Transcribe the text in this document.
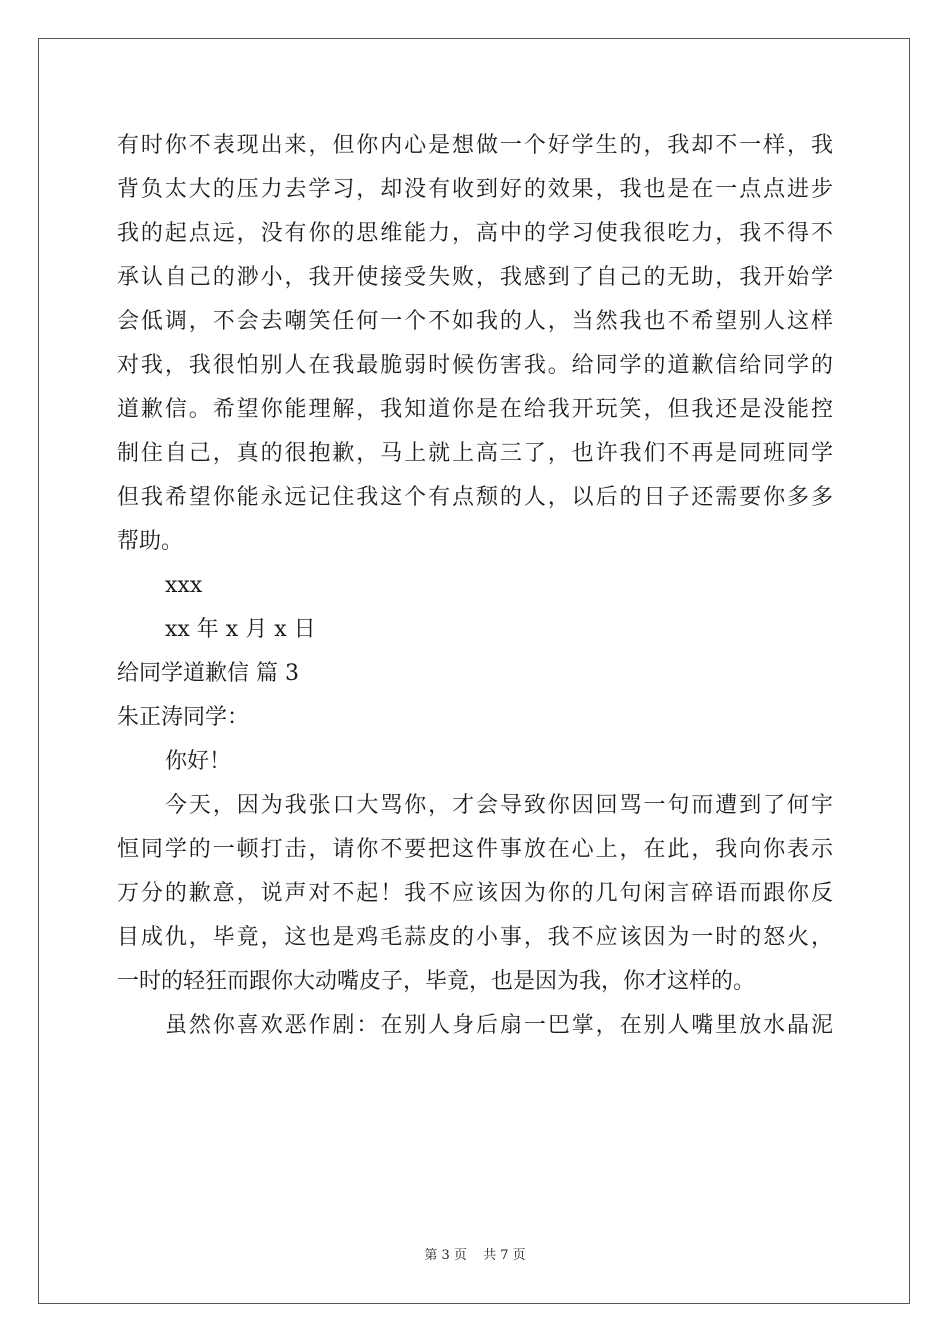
有时你不表现出来，但你内心是想做一个好学生的，我却不一样，我
背负太大的压力去学习，却没有收到好的效果，我也是在一点点进步
我的起点远，没有你的思维能力，高中的学习使我很吃力，我不得不
承认自己的渺小，我开使接受失败，我感到了自己的无助，我开始学
会低调，不会去嘲笑任何一个不如我的人，当然我也不希望别人这样
对我，我很怕别人在我最脆弱时候伤害我。给同学的道歉信给同学的
道歉信。希望你能理解，我知道你是在给我开玩笑，但我还是没能控
制住自己，真的很抱歉，马上就上高三了，也许我们不再是同班同学
但我希望你能永远记住我这个有点颓的人，以后的日子还需要你多多
帮助。
xxx
xx 年 x 月 x 日
给同学道歉信 篇 3
朱正涛同学：
你好！
今天，因为我张口大骂你，才会导致你因回骂一句而遭到了何宇
恒同学的一顿打击，请你不要把这件事放在心上，在此，我向你表示
万分的歉意，说声对不起！我不应该因为你的几句闲言碎语而跟你反
目成仇，毕竟，这也是鸡毛蒜皮的小事，我不应该因为一时的怒火，
一时的轻狂而跟你大动嘴皮子，毕竟，也是因为我，你才这样的。
虽然你喜欢恶作剧：在别人身后扇一巴掌，在别人嘴里放水晶泥
第 3 页 共 7 页
